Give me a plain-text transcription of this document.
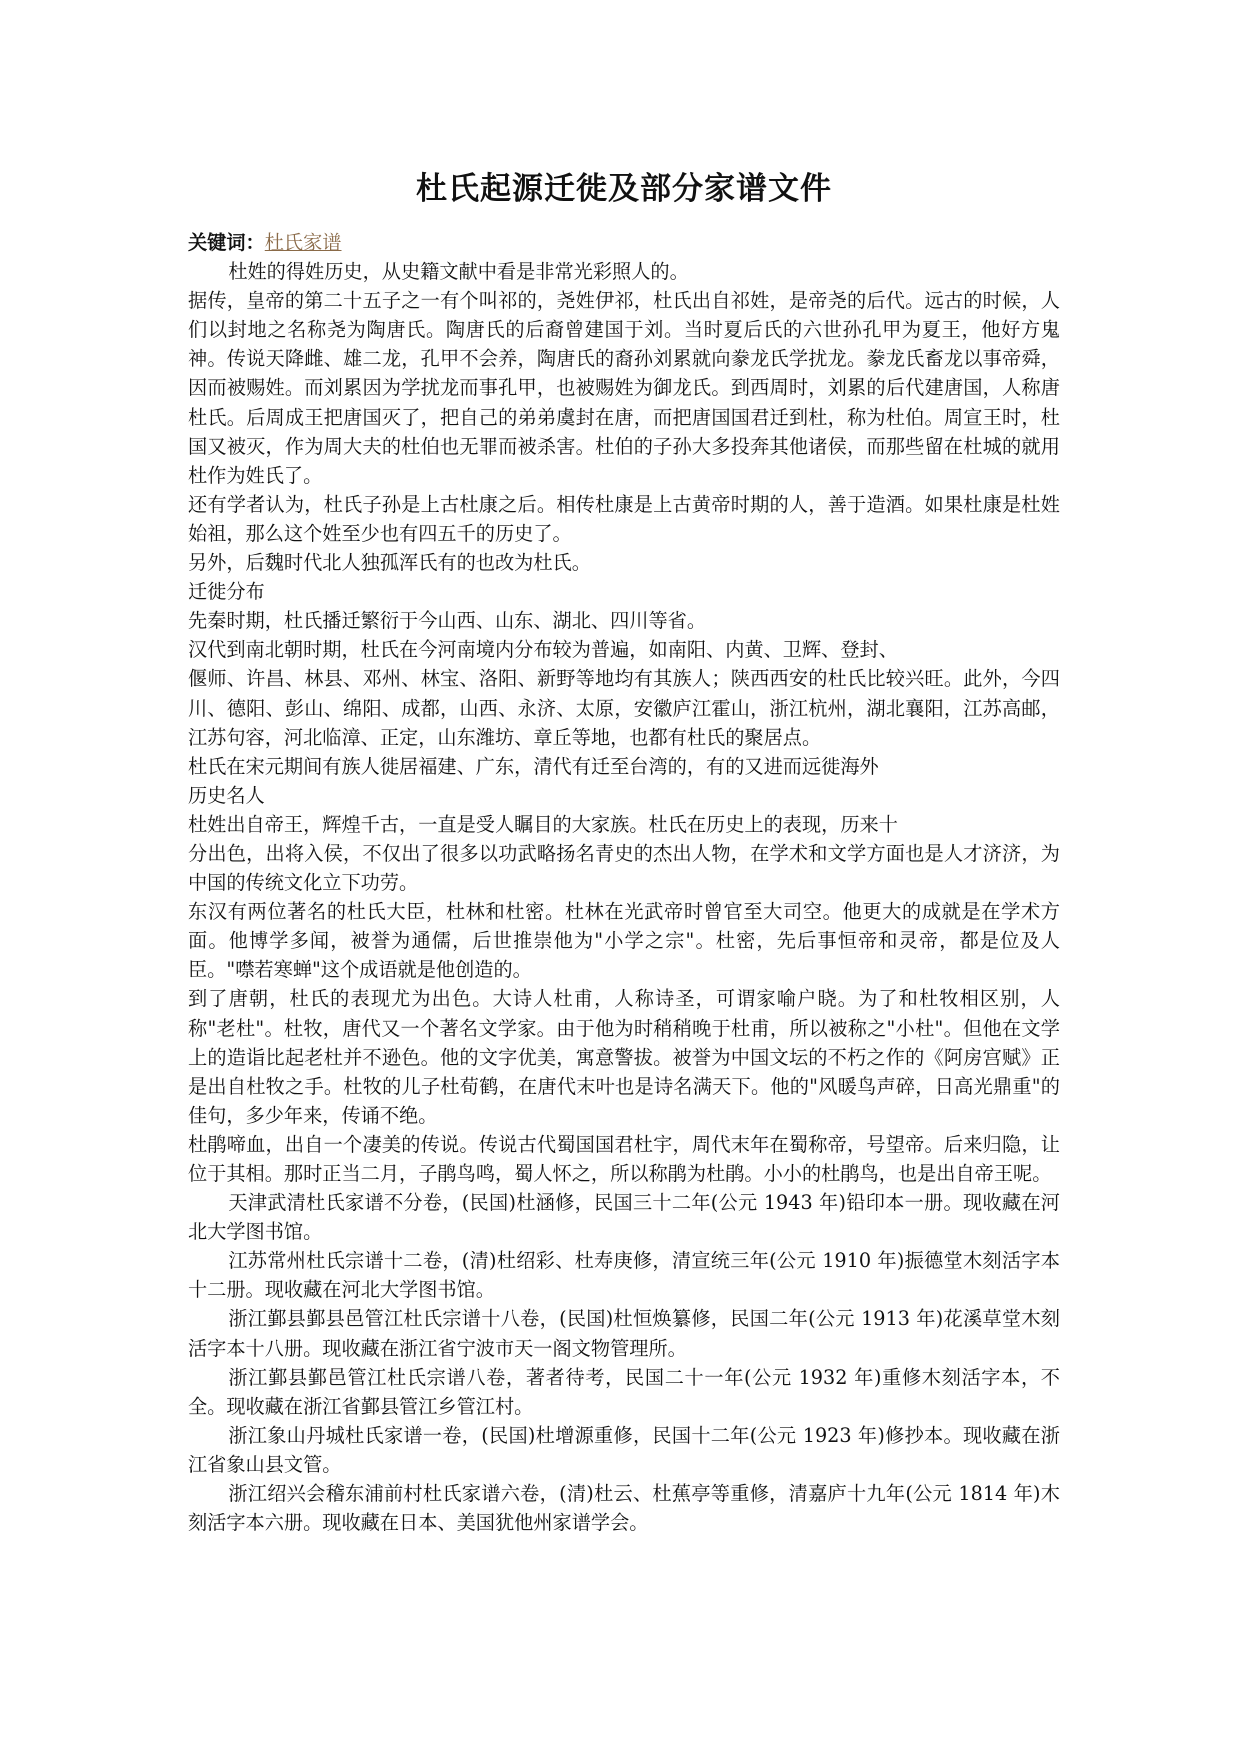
杜氏起源迁徙及部分家谱文件

关键词：杜氏家谱

杜姓的得姓历史，从史籍文献中看是非常光彩照人的。

据传，皇帝的第二十五子之一有个叫祁的，尧姓伊祁，杜氏出自祁姓，是帝尧的后代。远古的时候，人们以封地之名称尧为陶唐氏。陶唐氏的后裔曾建国于刘。当时夏后氏的六世孙孔甲为夏王，他好方鬼神。传说天降雌、雄二龙，孔甲不会养，陶唐氏的裔孙刘累就向豢龙氏学扰龙。豢龙氏畜龙以事帝舜，因而被赐姓。而刘累因为学扰龙而事孔甲，也被赐姓为御龙氏。到西周时，刘累的后代建唐国，人称唐杜氏。后周成王把唐国灭了，把自己的弟弟虞封在唐，而把唐国国君迁到杜，称为杜伯。周宣王时，杜国又被灭，作为周大夫的杜伯也无罪而被杀害。杜伯的子孙大多投奔其他诸侯，而那些留在杜城的就用杜作为姓氏了。

还有学者认为，杜氏子孙是上古杜康之后。相传杜康是上古黄帝时期的人，善于造酒。如果杜康是杜姓始祖，那么这个姓至少也有四五千的历史了。

另外，后魏时代北人独孤浑氏有的也改为杜氏。

迁徙分布

先秦时期，杜氏播迁繁衍于今山西、山东、湖北、四川等省。

汉代到南北朝时期，杜氏在今河南境内分布较为普遍，如南阳、内黄、卫辉、登封、

偃师、许昌、林县、邓州、林宝、洛阳、新野等地均有其族人；陕西西安的杜氏比较兴旺。此外，今四川、德阳、彭山、绵阳、成都，山西、永济、太原，安徽庐江霍山，浙江杭州，湖北襄阳，江苏高邮，江苏句容，河北临漳、正定，山东潍坊、章丘等地，也都有杜氏的聚居点。

杜氏在宋元期间有族人徙居福建、广东，清代有迁至台湾的，有的又进而远徙海外

历史名人

杜姓出自帝王，辉煌千古，一直是受人瞩目的大家族。杜氏在历史上的表现，历来十

分出色，出将入侯，不仅出了很多以功武略扬名青史的杰出人物，在学术和文学方面也是人才济济，为中国的传统文化立下功劳。

东汉有两位著名的杜氏大臣，杜林和杜密。杜林在光武帝时曾官至大司空。他更大的成就是在学术方面。他博学多闻，被誉为通儒，后世推崇他为"小学之宗"。杜密，先后事恒帝和灵帝，都是位及人臣。"噤若寒蝉"这个成语就是他创造的。

到了唐朝，杜氏的表现尤为出色。大诗人杜甫，人称诗圣，可谓家喻户晓。为了和杜牧相区别，人称"老杜"。杜牧，唐代又一个著名文学家。由于他为时稍稍晚于杜甫，所以被称之"小杜"。但他在文学上的造诣比起老杜并不逊色。他的文字优美，寓意警拔。被誉为中国文坛的不朽之作的《阿房宫赋》正是出自杜牧之手。杜牧的儿子杜荀鹤，在唐代末叶也是诗名满天下。他的"风暖鸟声碎，日高光鼎重"的佳句，多少年来，传诵不绝。

杜鹃啼血，出自一个凄美的传说。传说古代蜀国国君杜宇，周代末年在蜀称帝，号望帝。后来归隐，让位于其相。那时正当二月，子鹃鸟鸣，蜀人怀之，所以称鹃为杜鹃。小小的杜鹃鸟，也是出自帝王呢。

天津武清杜氏家谱不分卷，(民国)杜涵修，民国三十二年(公元 1943 年)铅印本一册。现收藏在河北大学图书馆。

江苏常州杜氏宗谱十二卷，(清)杜绍彩、杜寿庚修，清宣统三年(公元 1910 年)振德堂木刻活字本十二册。现收藏在河北大学图书馆。

浙江鄞县鄞县邑管江杜氏宗谱十八卷，(民国)杜恒焕纂修，民国二年(公元 1913 年)花溪草堂木刻活字本十八册。现收藏在浙江省宁波市天一阁文物管理所。

浙江鄞县鄞邑管江杜氏宗谱八卷，著者待考，民国二十一年(公元 1932 年)重修木刻活字本，不全。现收藏在浙江省鄞县管江乡管江村。

浙江象山丹城杜氏家谱一卷，(民国)杜增源重修，民国十二年(公元 1923 年)修抄本。现收藏在浙江省象山县文管。

浙江绍兴会稽东浦前村杜氏家谱六卷，(清)杜云、杜蕉亭等重修，清嘉庐十九年(公元 1814 年)木刻活字本六册。现收藏在日本、美国犹他州家谱学会。
